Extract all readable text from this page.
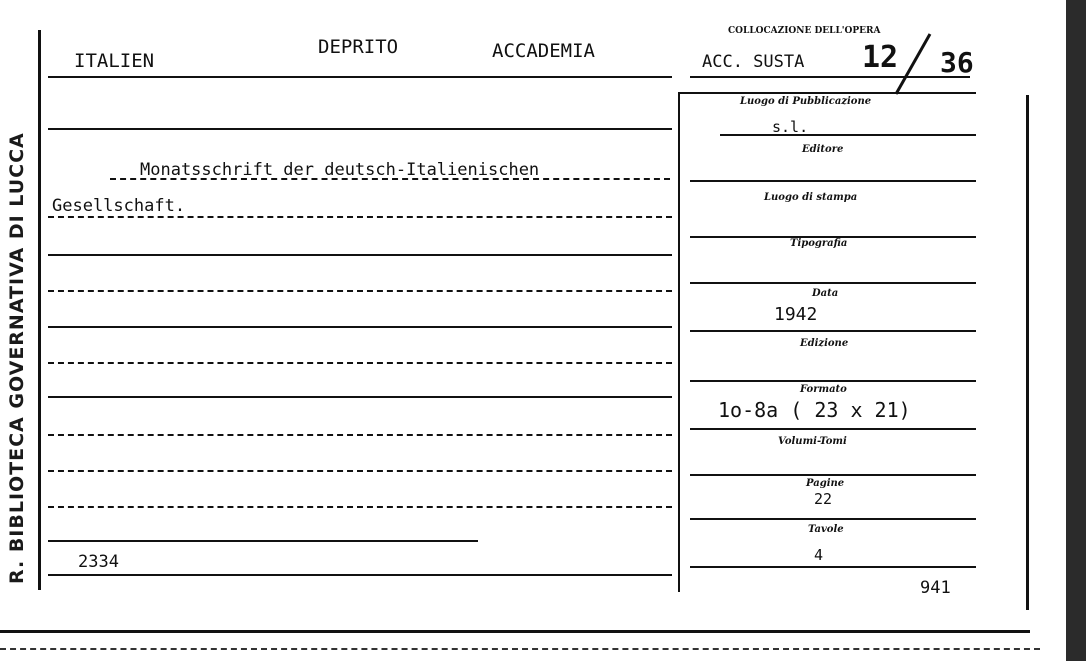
R. BIBLIOTECA GOVERNATIVA DI LUCCA
ITALIEN
DEPRITO	ACCADEMIA
COLLOCAZIONE DELL'OPERA
ACC. SUSTA 12 36
Monatsschrift der deutsch-Italienischen
Gesellschaft.
2334
Luogo di Pubblicazione
s.l.
Editore
Luogo di stampa
Tipografia
Data
1942
Edizione
Formato
1o-8a ( 23 x 21)
Volumi-Tomi
Pagine
22
Tavole
4
941
